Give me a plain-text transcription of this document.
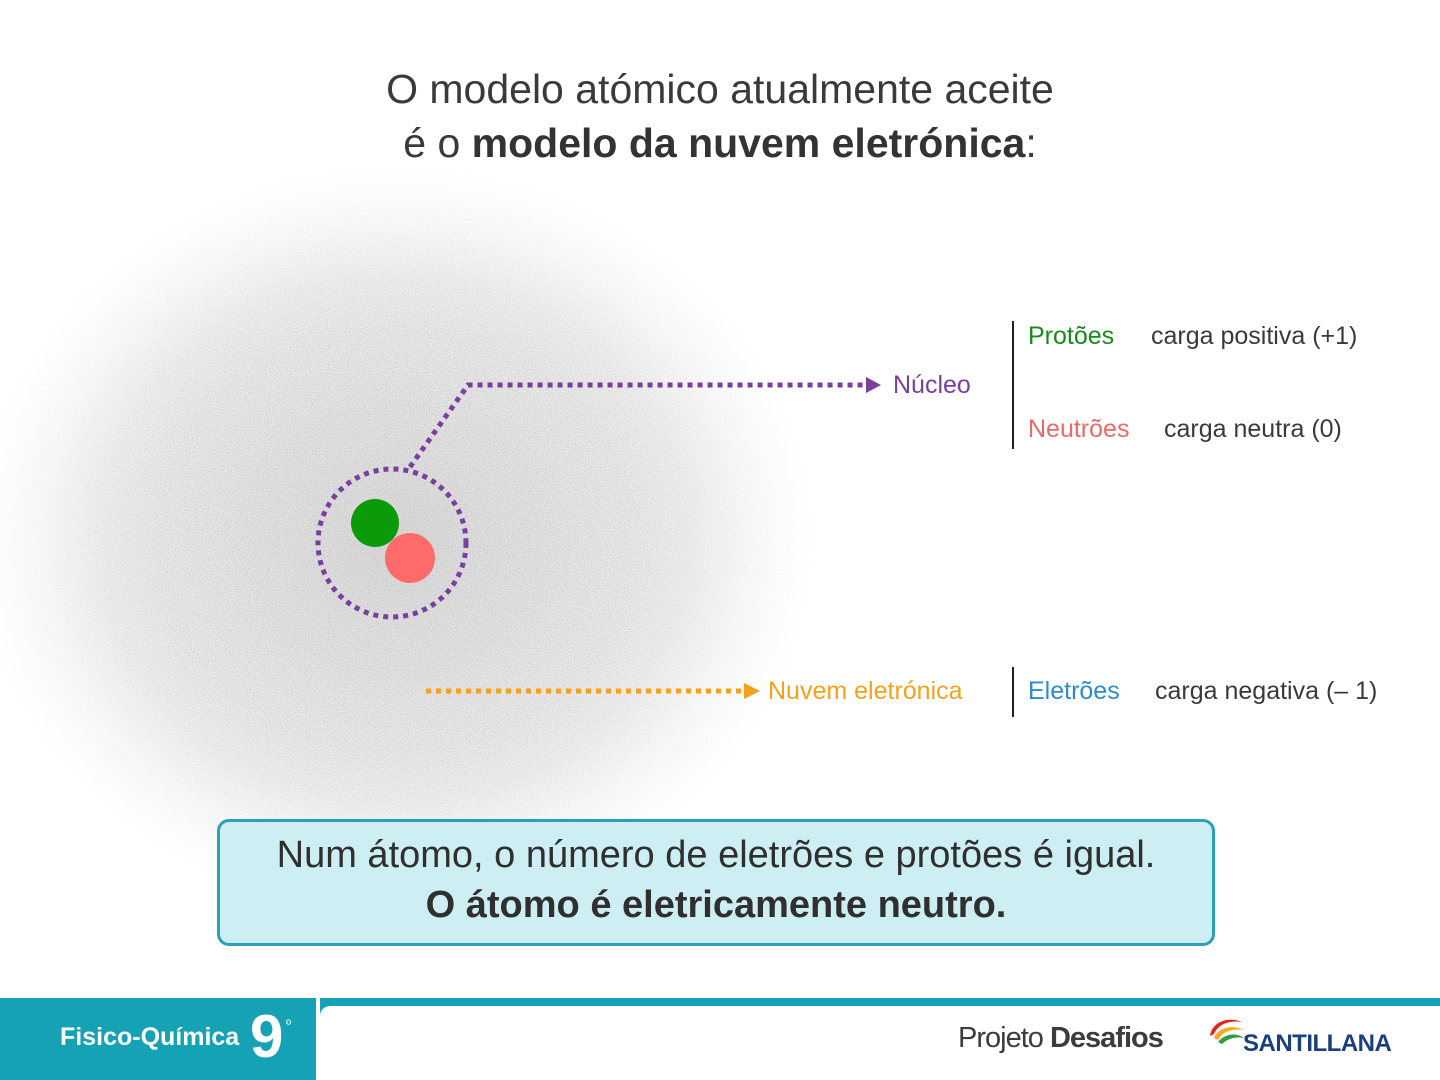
O modelo atómico atualmente aceite
é o modelo da nuvem eletrónica:
Núcleo
Nuvem eletrónica
Protões carga positiva (+1)
Neutrões carga neutra (0)
Eletrões carga negativa (– 1)
Num átomo, o número de eletrões e protões é igual.
O átomo é eletricamente neutro.
Fisico-Química 9 º	Projeto Desafios	SANTILLANA
